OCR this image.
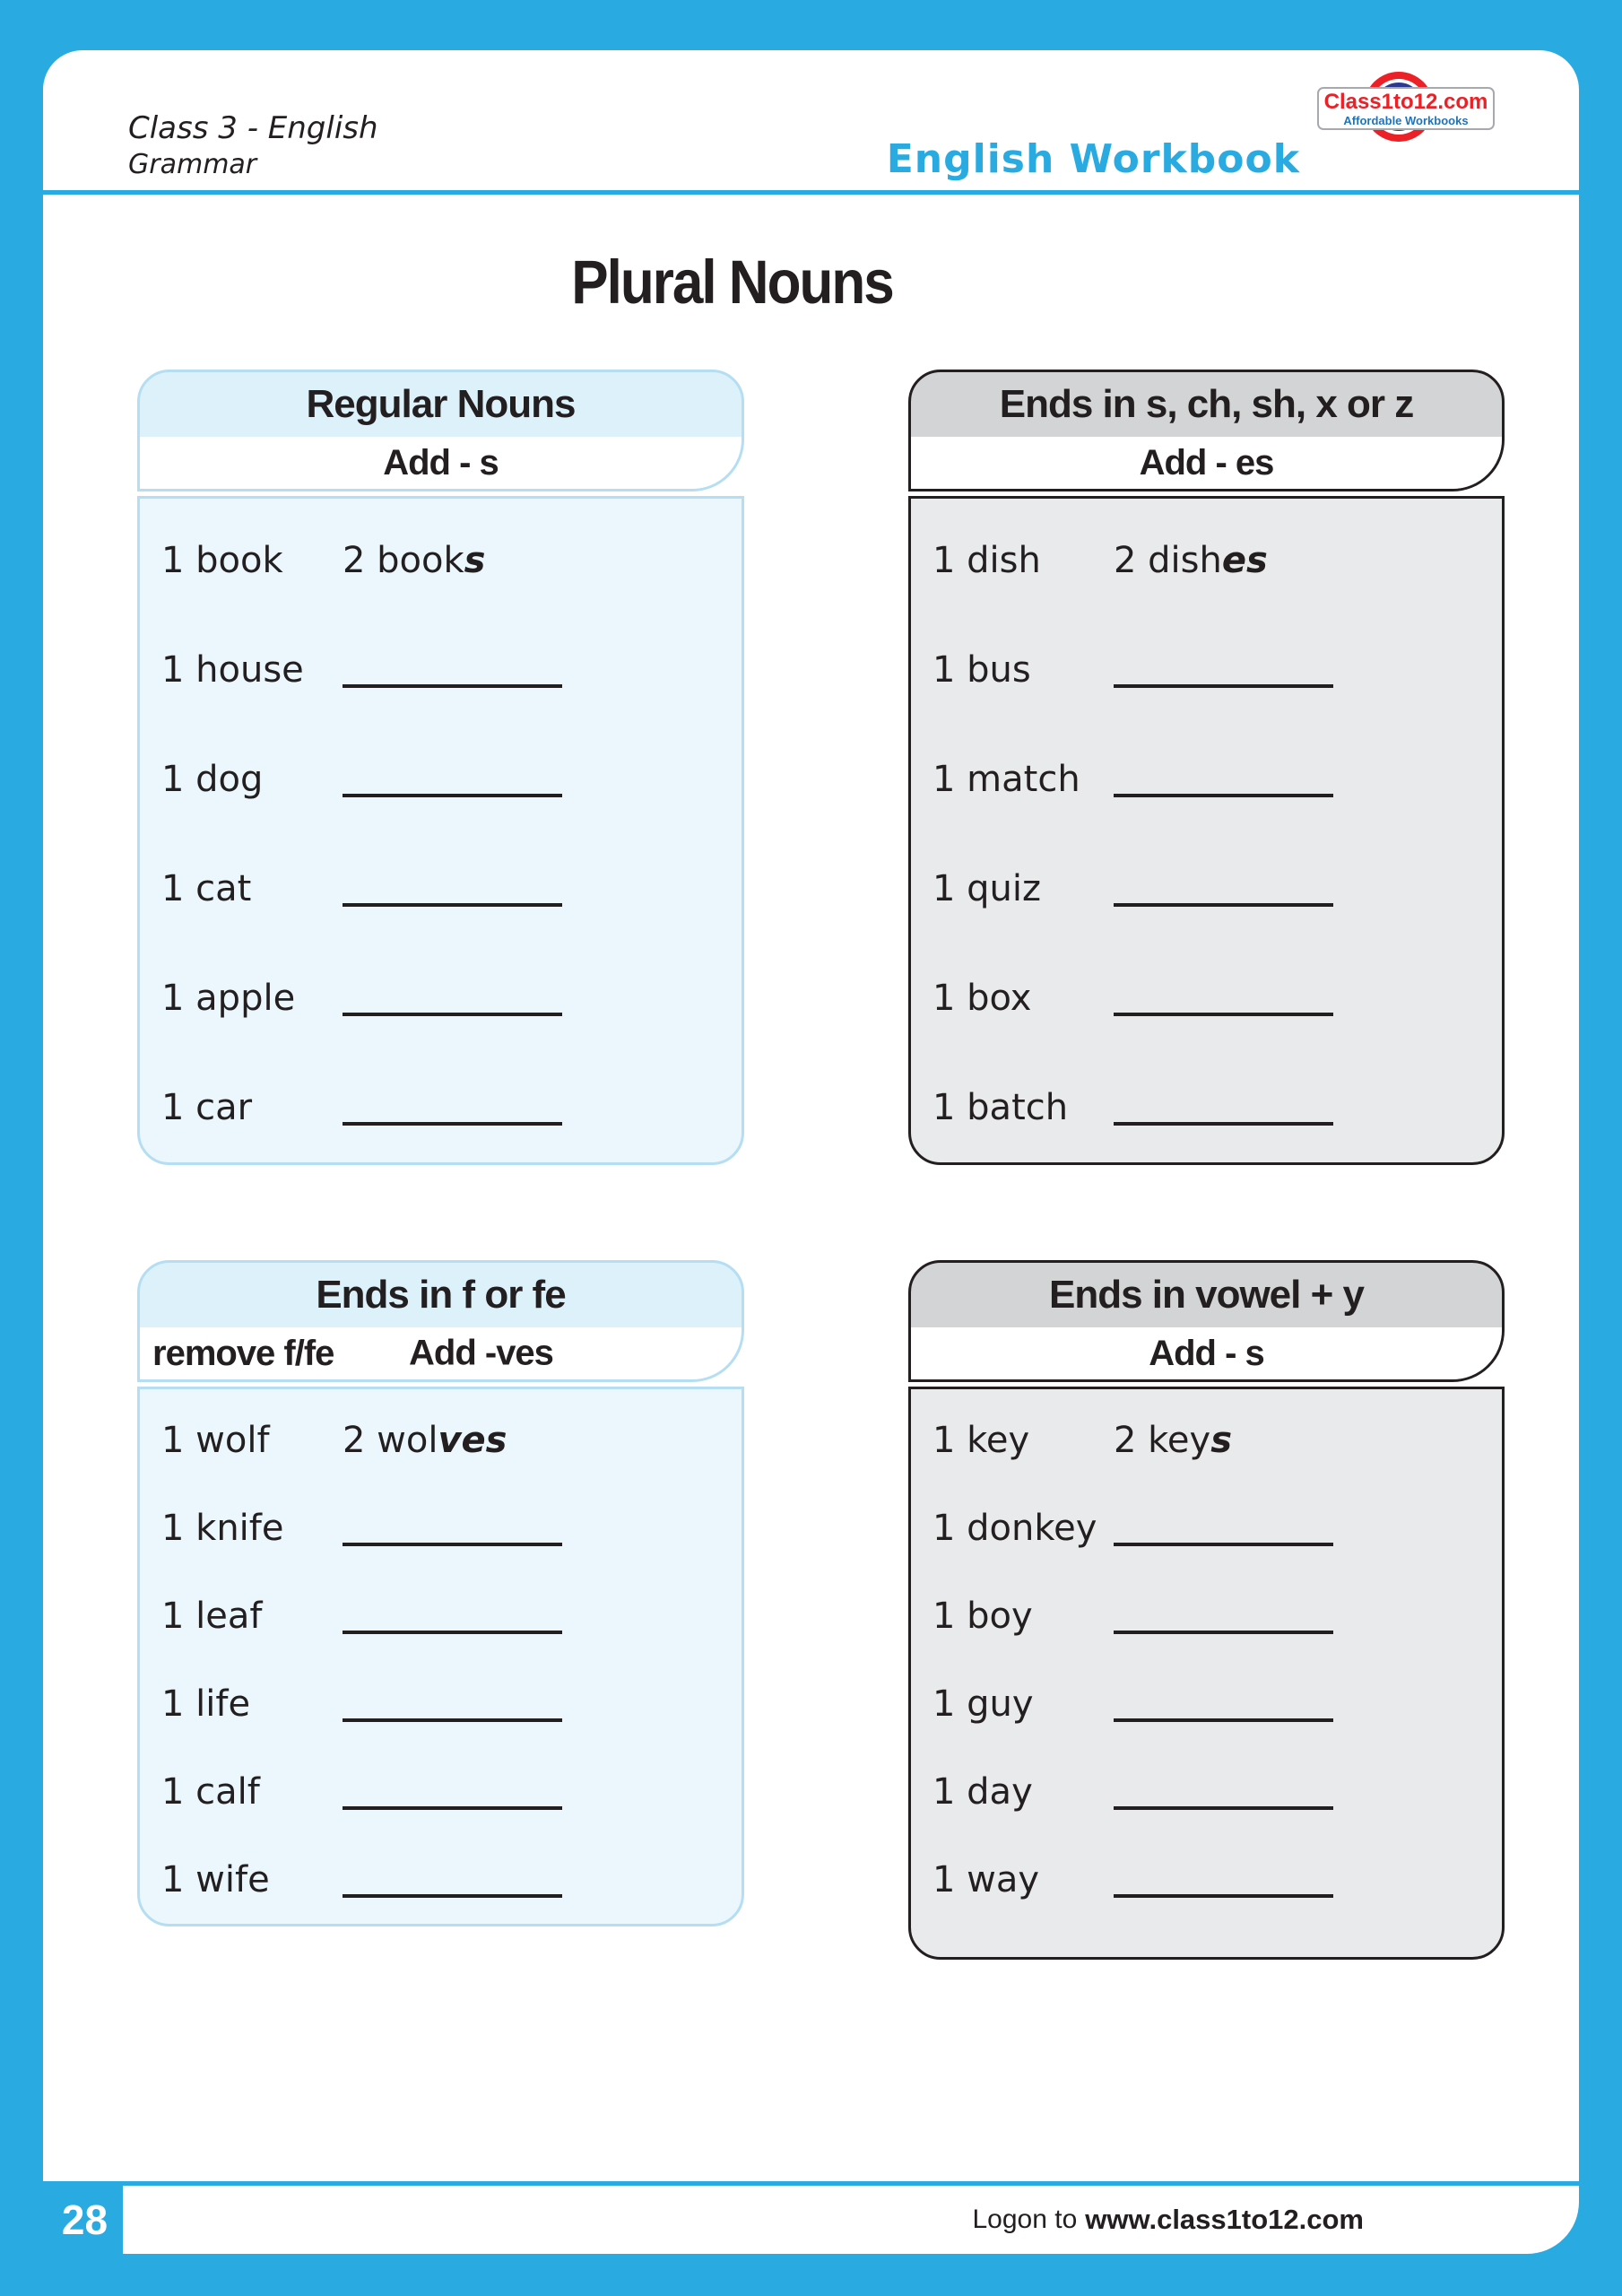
Class 3 - English
Grammar	English Workbook
Class1to12.com
Affordable Workbooks
Plural Nouns
Regular Nouns
Add - s
1 book 2 books
1 house
1 dog
1 cat
1 apple
1 car
Ends in s, ch, sh, x or z
Add - es
1 dish 2 dishes
1 bus
1 match
1 quiz
1 box
1 batch
Ends in f or fe
remove f/fe Add -ves
1 wolf 2 wolves
1 knife
1 leaf
1 life
1 calf
1 wife
Ends in vowel + y
Add - s
1 key 2 keys
1 donkey
1 boy
1 guy
1 day
1 way
28	Logon to www.class1to12.com
